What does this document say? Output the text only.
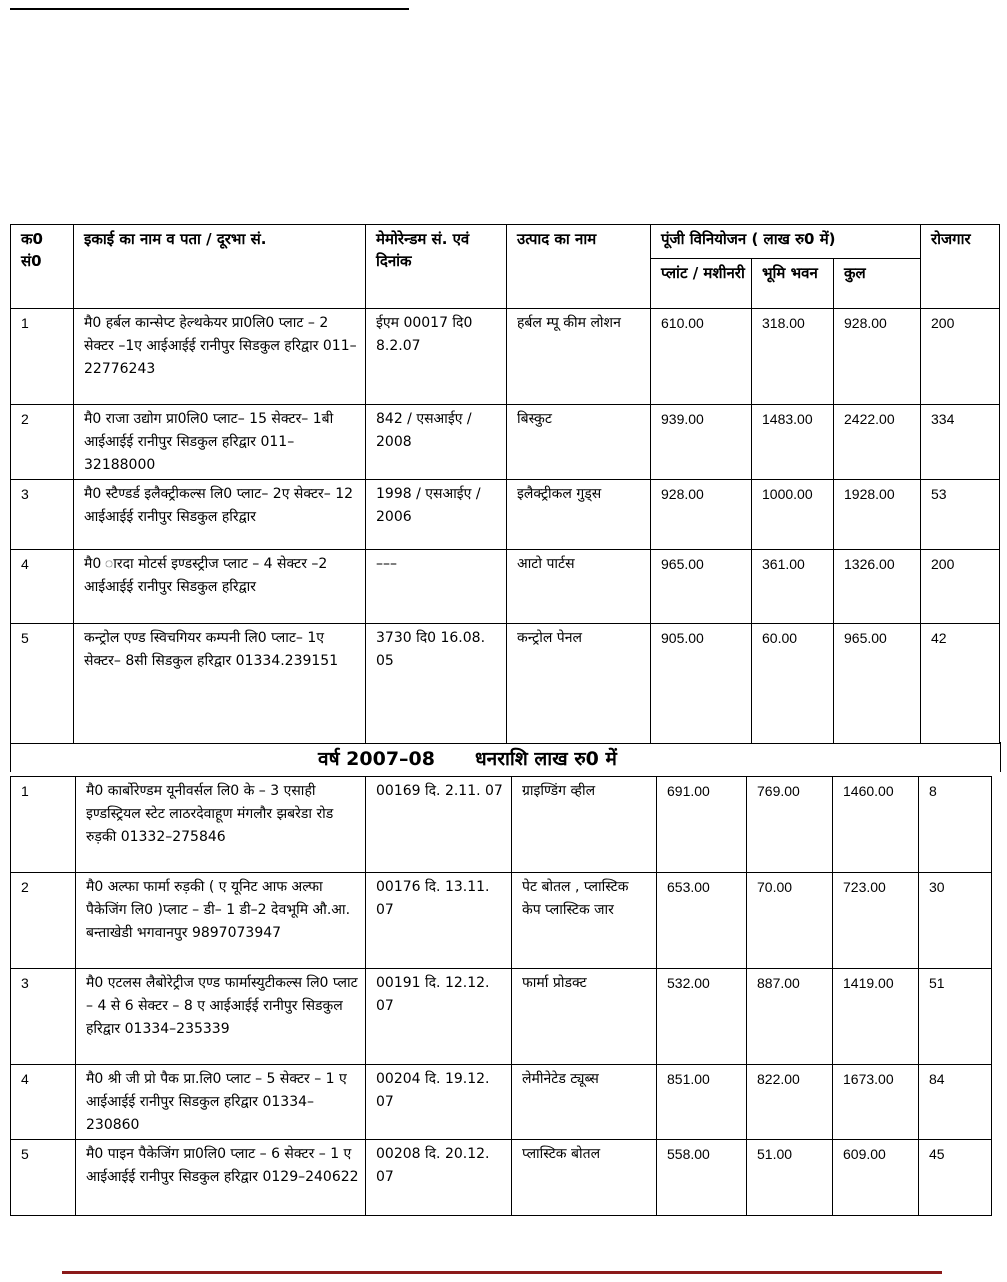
क0 सं0	इकाई का नाम व पता / दूरभा सं.	मेमोरेन्डम सं. एवं दिनांक	उत्पाद का नाम	पूंजी विनियोजन ( लाख रु0 में)			रोजगार
				प्लांट / मशीनरी	भूमि भवन	कुल	
1	मै0 हर्बल कान्सेप्ट हेल्थकेयर प्रा0लि0 प्लाट – 2 सेक्टर –1ए आईआईई रानीपुर सिडकुल हरिद्वार 011–22776243	ईएम 00017 दि0 8.2.07	हर्बल म्पू कीम लोशन	610.00	318.00	928.00	200
2	मै0 राजा उद्योग प्रा0लि0 प्लाट– 15 सेक्टर– 1बी आईआईई रानीपुर सिडकुल हरिद्वार 011–32188000	842 / एसआईए / 2008	बिस्कुट	939.00	1483.00	2422.00	334
3	मै0 स्टैण्डर्ड इलैक्ट्रीकल्स लि0 प्लाट– 2ए सेक्टर– 12 आईआईई रानीपुर सिडकुल हरिद्वार	1998 / एसआईए / 2006	इलैक्ट्रीकल गुड्स	928.00	1000.00	1928.00	53
4	मै0 ारदा मोटर्स इण्डस्ट्रीज प्लाट – 4 सेक्टर –2 आईआईई रानीपुर सिडकुल हरिद्वार	–––	आटो पार्टस	965.00	361.00	1326.00	200
5	कन्ट्रोल एण्ड स्विचगियर कम्पनी लि0 प्लाट– 1ए सेक्टर– 8सी सिडकुल हरिद्वार 01334.239151	3730 दि0 16.08. 05	कन्ट्रोल पेनल	905.00	60.00	965.00	42
वर्ष 2007–08 धनराशि लाख रु0 में
1	मै0 कार्बोरेण्डम यूनीवर्सल लि0 के – 3 एसाही इण्डस्ट्रियल स्टेट लाठरदेवाहूण मंगलौर झबरेडा रोड रुड़की 01332–275846	00169 दि. 2.11. 07	ग्राइण्डिंग व्हील	691.00	769.00	1460.00	8
2	मै0 अल्फा फार्मा रुड़की ( ए यूनिट आफ अल्फा पैकेजिंग लि0 )प्लाट – डी– 1 डी–2 देवभूमि औ.आ. बन्ताखेडी भगवानपुर 9897073947	00176 दि. 13.11. 07	पेट बोतल , प्लास्टिक केप प्लास्टिक जार	653.00	70.00	723.00	30
3	मै0 एटलस लैबोरेट्रीज एण्ड फार्मास्युटीकल्स लि0 प्लाट – 4 से 6 सेक्टर – 8 ए आईआईई रानीपुर सिडकुल हरिद्वार 01334–235339	00191 दि. 12.12. 07	फार्मा प्रोडक्ट	532.00	887.00	1419.00	51
4	मै0 श्री जी प्रो पैक प्रा.लि0 प्लाट – 5 सेक्टर – 1 ए आईआईई रानीपुर सिडकुल हरिद्वार 01334–230860	00204 दि. 19.12. 07	लेमीनेटेड ट्यूब्स	851.00	822.00	1673.00	84
5	मै0 पाइन पैकेजिंग प्रा0लि0 प्लाट – 6 सेक्टर – 1 ए आईआईई रानीपुर सिडकुल हरिद्वार 0129–240622	00208 दि. 20.12. 07	प्लास्टिक बोतल	558.00	51.00	609.00	45
